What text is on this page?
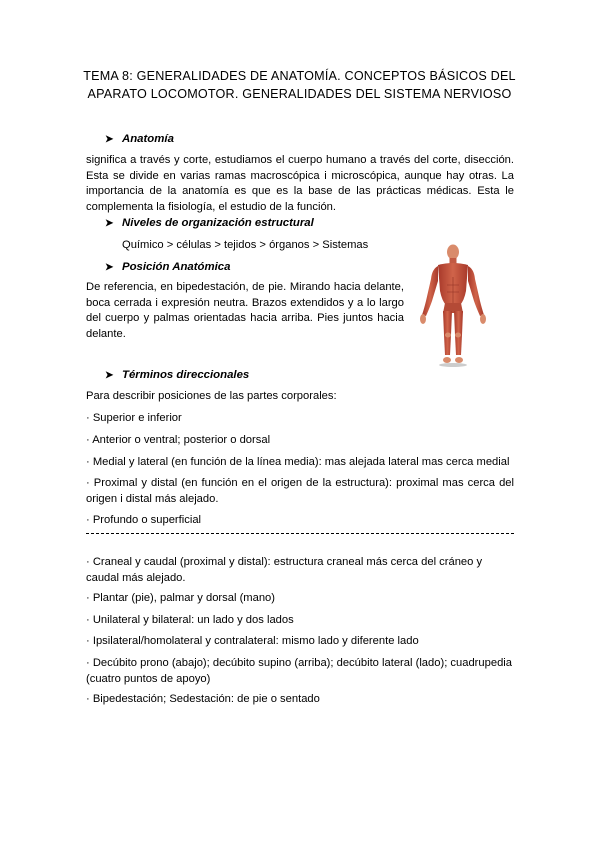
TEMA 8: GENERALIDADES DE ANATOMÍA. CONCEPTOS BÁSICOS DEL APARATO LOCOMOTOR. GENERALIDADES DEL SISTEMA NERVIOSO
➤ Anatomía
significa a través y corte, estudiamos el cuerpo humano a través del corte, disección. Esta se divide en varias ramas macroscópica i microscópica, aunque hay otras. La importancia de la anatomía es que es la base de las prácticas médicas. Esta le complementa la fisiología, el estudio de la función.
➤ Niveles de organización estructural
Químico > células > tejidos > órganos > Sistemas
➤ Posición Anatómica
De referencia, en bipedestación, de pie. Mirando hacia delante, boca cerrada i expresión neutra. Brazos extendidos y a lo largo del cuerpo y palmas orientadas hacia arriba. Pies juntos hacia delante.
➤ Términos direccionales
Para describir posiciones de las partes corporales:
· Superior e inferior
· Anterior o ventral; posterior o dorsal
· Medial y lateral (en función de la línea media): mas alejada lateral mas cerca medial
· Proximal y distal (en función en el origen de la estructura): proximal mas cerca del origen i distal más alejado.
· Profundo o superficial
· Craneal y caudal (proximal y distal): estructura craneal más cerca del cráneo y caudal más alejado.
· Plantar (pie), palmar y dorsal (mano)
· Unilateral y bilateral: un lado y dos lados
· Ipsilateral/homolateral y contralateral: mismo lado y diferente lado
· Decúbito prono (abajo); decúbito supino (arriba); decúbito lateral (lado); cuadrupedia (cuatro puntos de apoyo)
· Bipedestación; Sedestación: de pie o sentado
